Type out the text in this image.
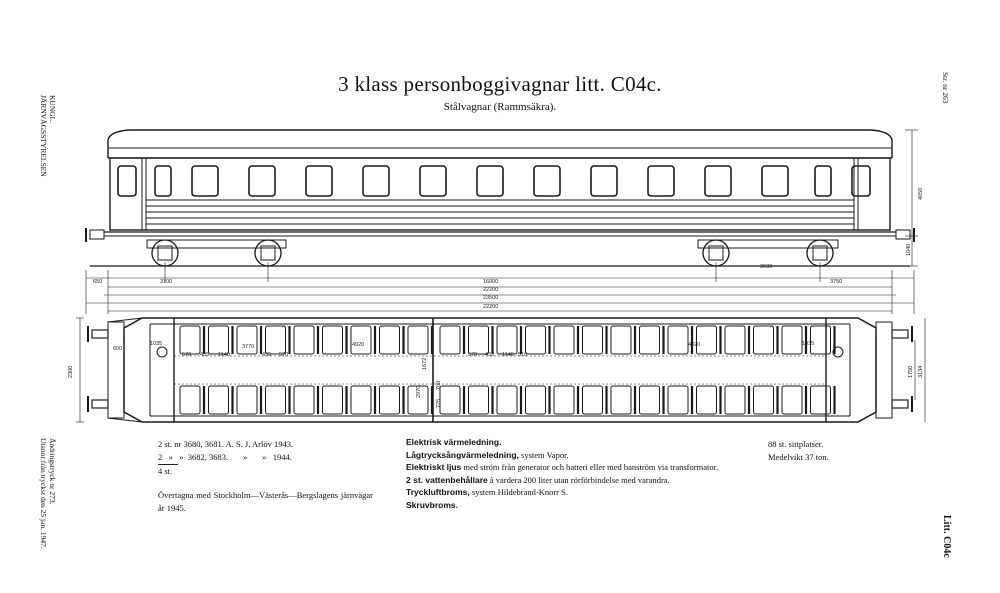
3 klass personboggivagnar litt. C04c.
Stålvagnar (Rammsäkra).
KUNGL.
JÄRNVÄGSSTYRELSEN
Ändringstryck nr 273.
Utanor från tryckst den 25 jan. 1947.
Str. nr 263
Litt. C04c
4050
1040
650	3100	16000
22200
23500
22200
3630
3750
2300
600
1035
570 435 1140
3770
435 570
4920
1672
570 435 1140 510
4920	1035
1750 3134
2970
700
725
2 st. nr 3680, 3681. A. S. J. Arlöv 1943.
2   »   »  3682, 3683.       »       »   1944.
4 st.
Övertagna med Stockholm—Västerås—Bergslagens järnvägar år 1945.
Elektrisk värmeledning.
Lågtrycksångvärmeledning, system Vapor.
Elektriskt ljus med ström från generator och batteri eller med banström via transformator.
2 st. vattenbehållare à vardera 200 liter utan rörförbindelse med varandra.
Tryckluftbroms, system Hildebrand-Knorr S.
Skruvbroms.
88 st. sittplatser.
Medelvikt 37 ton.
